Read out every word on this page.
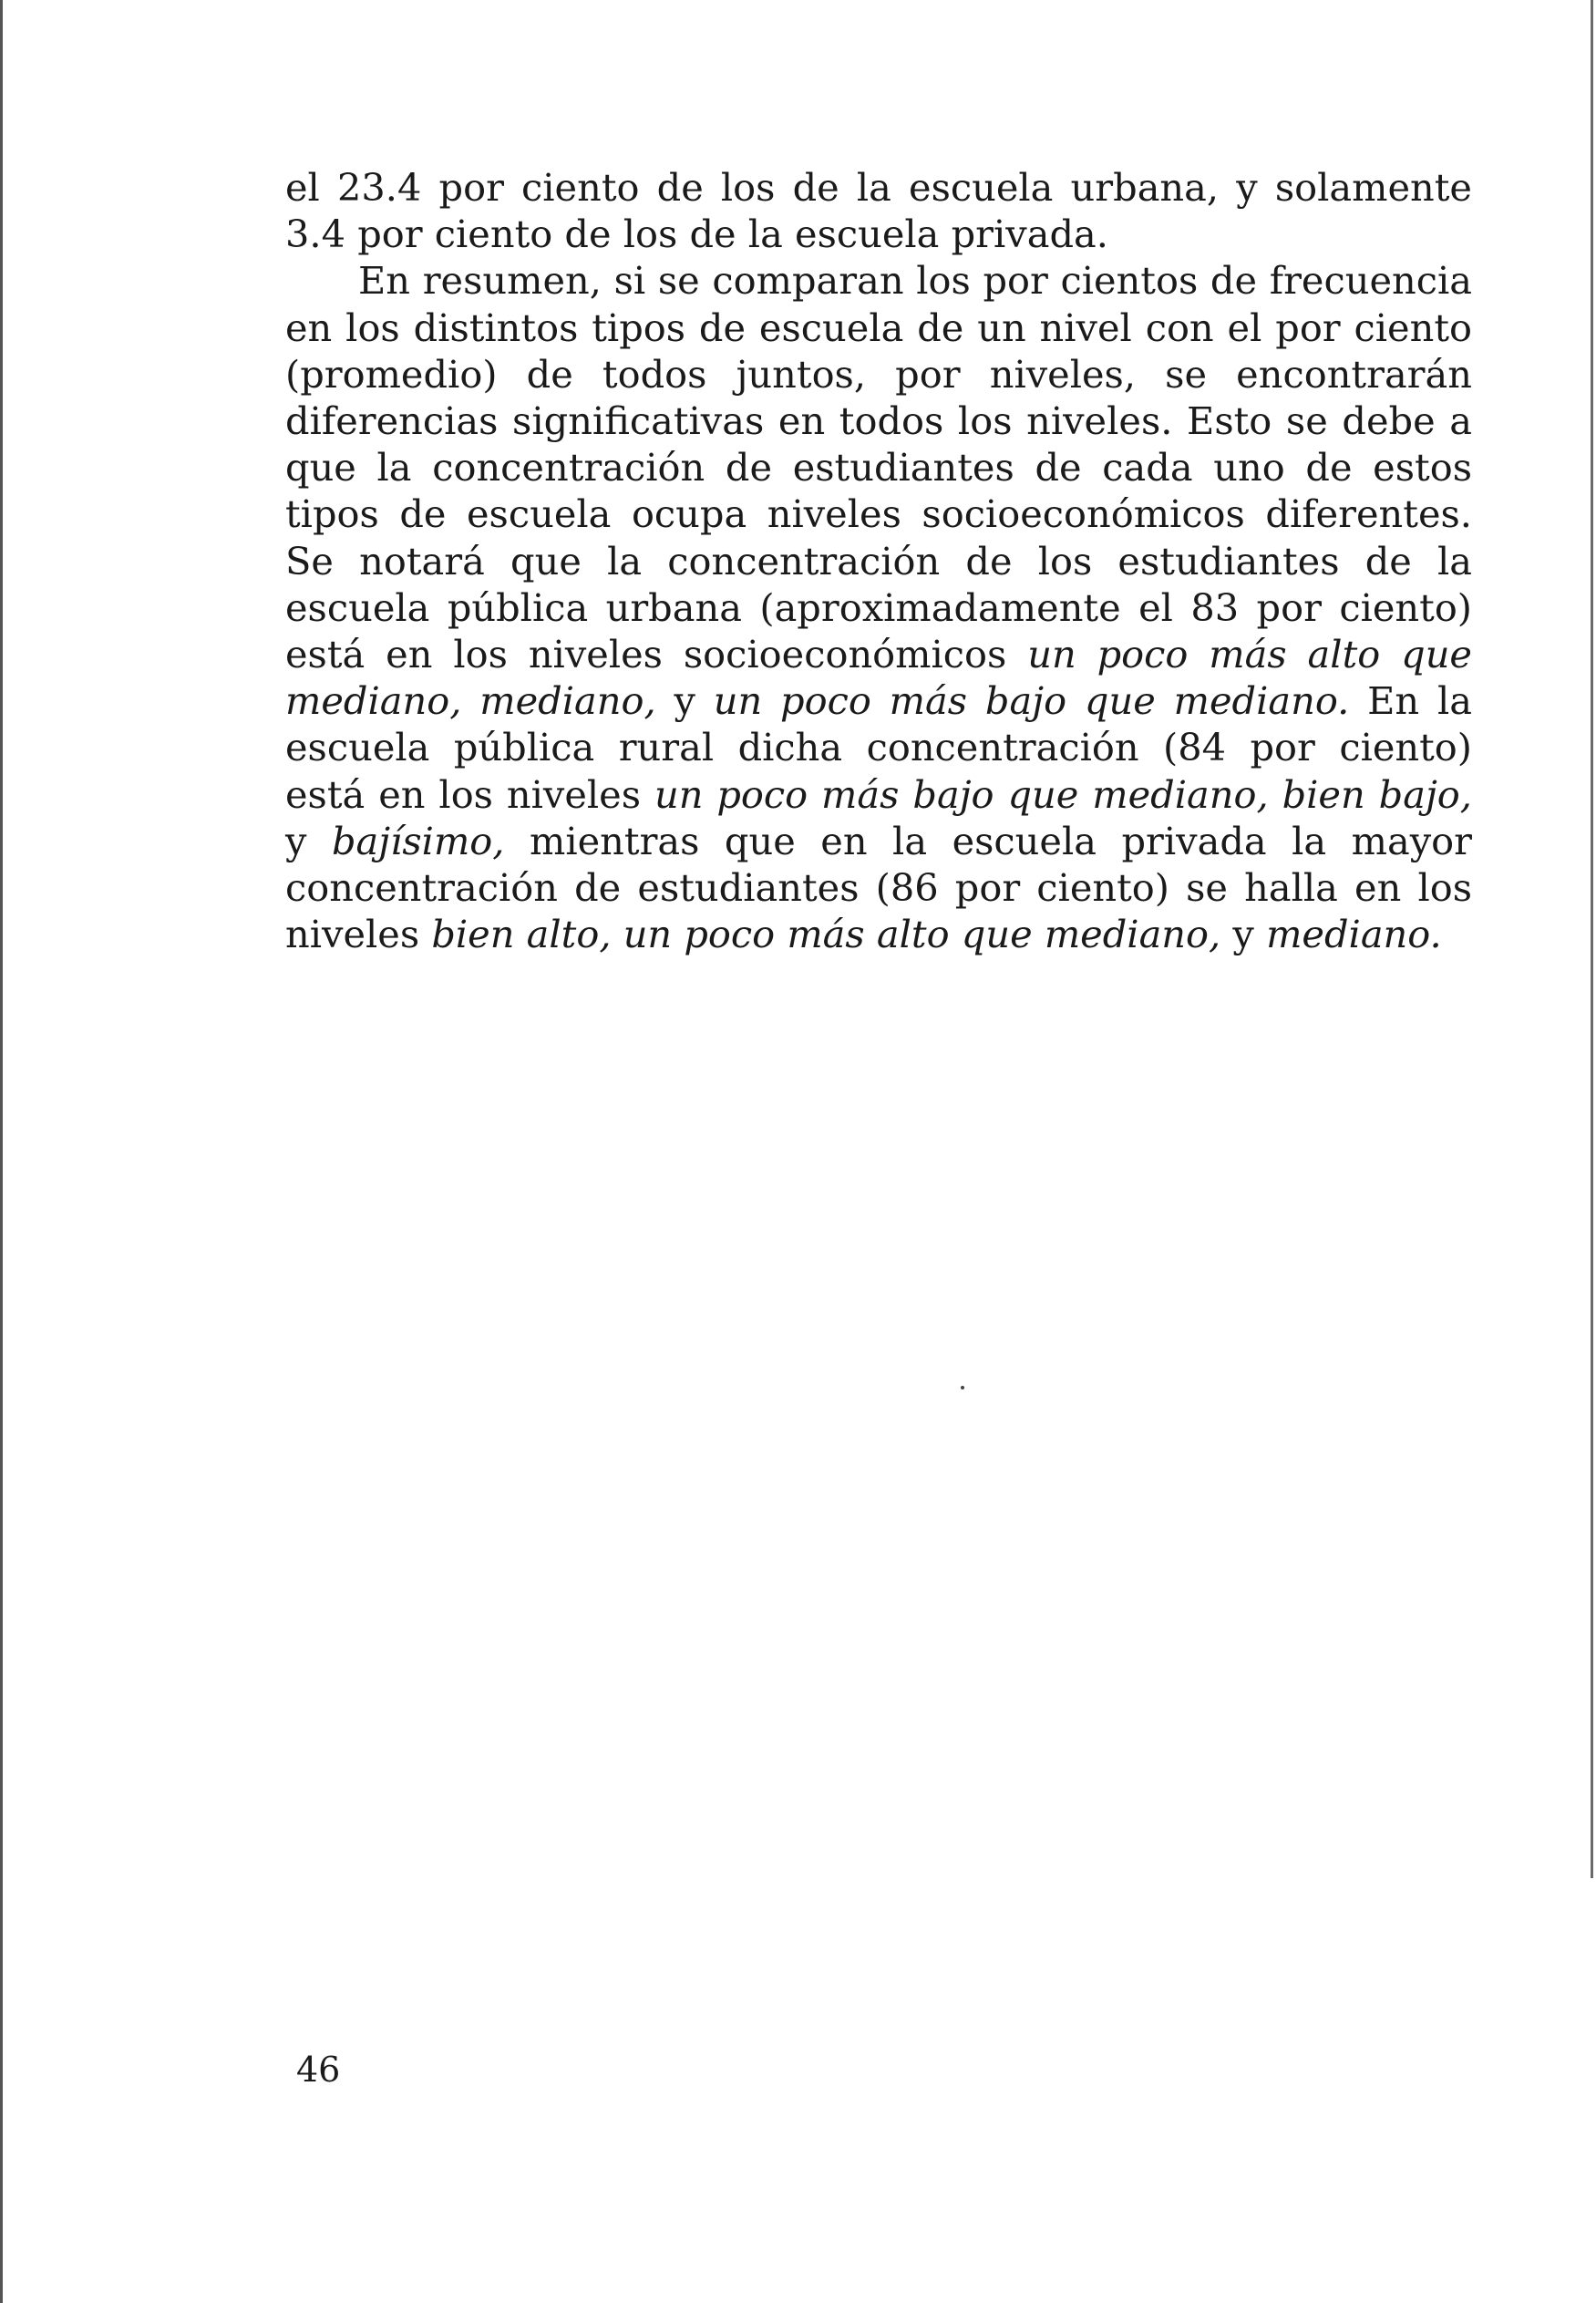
el 23.4 por ciento de los de la escuela urbana, y solamente 3.4 por ciento de los de la escuela privada.

En resumen, si se comparan los por cientos de frecuencia en los distintos tipos de escuela de un nivel con el por ciento (promedio) de todos juntos, por niveles, se encontrarán diferencias significativas en todos los niveles. Esto se debe a que la concentración de estudiantes de cada uno de estos tipos de escuela ocupa niveles socioeconómicos diferentes. Se notará que la concentración de los estudiantes de la escuela pública urbana (aproximadamente el 83 por ciento) está en los niveles socioeconómicos un poco más alto que mediano, mediano, y un poco más bajo que mediano. En la escuela pública rural dicha concentración (84 por ciento) está en los niveles un poco más bajo que mediano, bien bajo, y bajísimo, mientras que en la escuela privada la mayor concentración de estudiantes (86 por ciento) se halla en los niveles bien alto, un poco más alto que mediano, y mediano.

46
